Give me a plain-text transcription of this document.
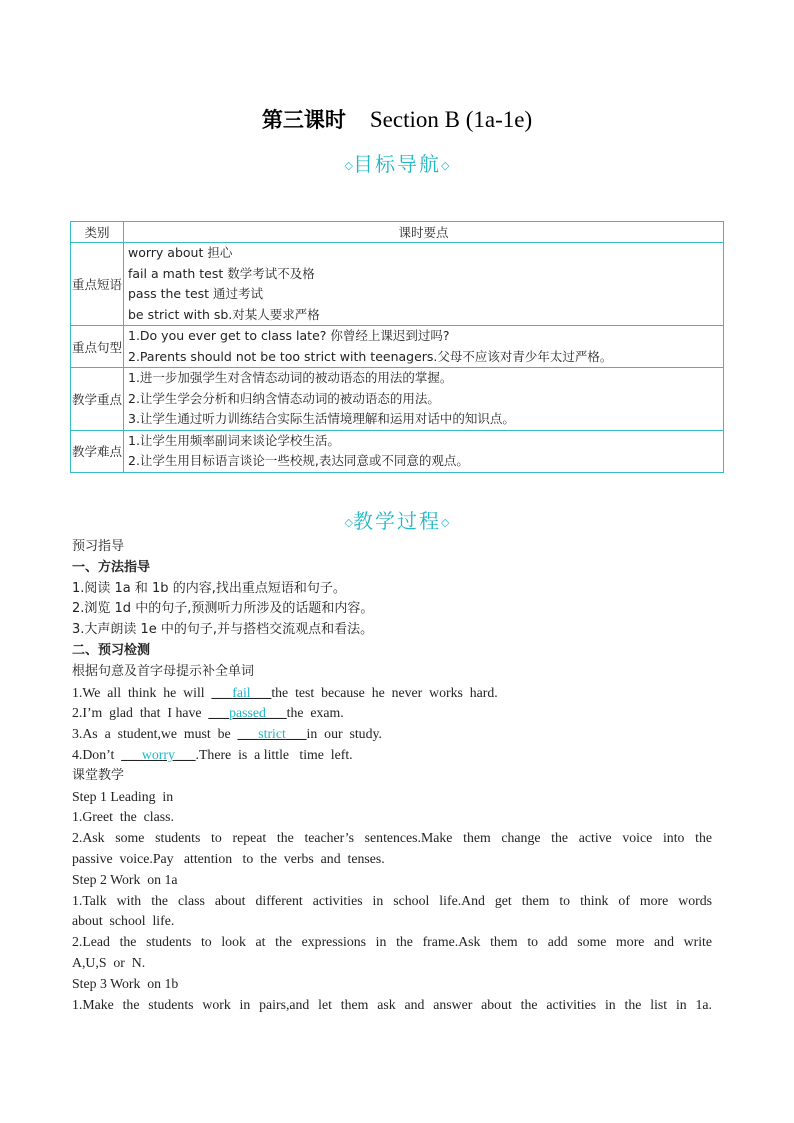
第三课时 Section B (1a-1e)
◇目标导航◇
类别	课时要点
重点短语	worry about 担心
fail a math test 数学考试不及格
pass the test 通过考试
be strict with sb.对某人要求严格

重点句型	1.Do you ever get to class late? 你曾经上课迟到过吗?
2.Parents should not be too strict with teenagers.父母不应该对青少年太过严格。

教学重点	1.进一步加强学生对含情态动词的被动语态的用法的掌握。
2.让学生学会分析和归纳含情态动词的被动语态的用法。
3.让学生通过听力训练结合实际生活情境理解和运用对话中的知识点。

教学难点	1.让学生用频率副词来谈论学校生活。
2.让学生用目标语言谈论一些校规,表达同意或不同意的观点。
◇教学过程◇
预习指导
一、方法指导
1.阅读 1a 和 1b 的内容,找出重点短语和句子。
2.浏览 1d 中的句子,预测听力所涉及的话题和内容。
3.大声朗读 1e 中的句子,并与搭档交流观点和看法。
二、预习检测
根据句意及首字母提示补全单词
1.We  all  think  he  will  ___fail___the  test  because  he  never  works  hard.
2.I’m  glad  that  I have  ___passed___the  exam.
3.As  a  student,we  must  be  ___strict___in  our  study.
4.Don’t  ___worry___.There  is  a little   time  left.
课堂教学
Step 1 Leading  in
1.Greet  the  class.
2.Ask some students to repeat the teacher’s sentences.Make them change the active voice into the
passive  voice.Pay   attention   to  the  verbs  and  tenses.
Step 2 Work  on 1a
1.Talk with the class about different activities in school life.And get them to think of more words
about  school  life.
2.Lead the students to look at the expressions in the frame.Ask them to add some more and write
A,U,S  or  N.
Step 3 Work  on 1b
1.Make the students work in pairs,and let them ask and answer about the activities in the list in 1a.
